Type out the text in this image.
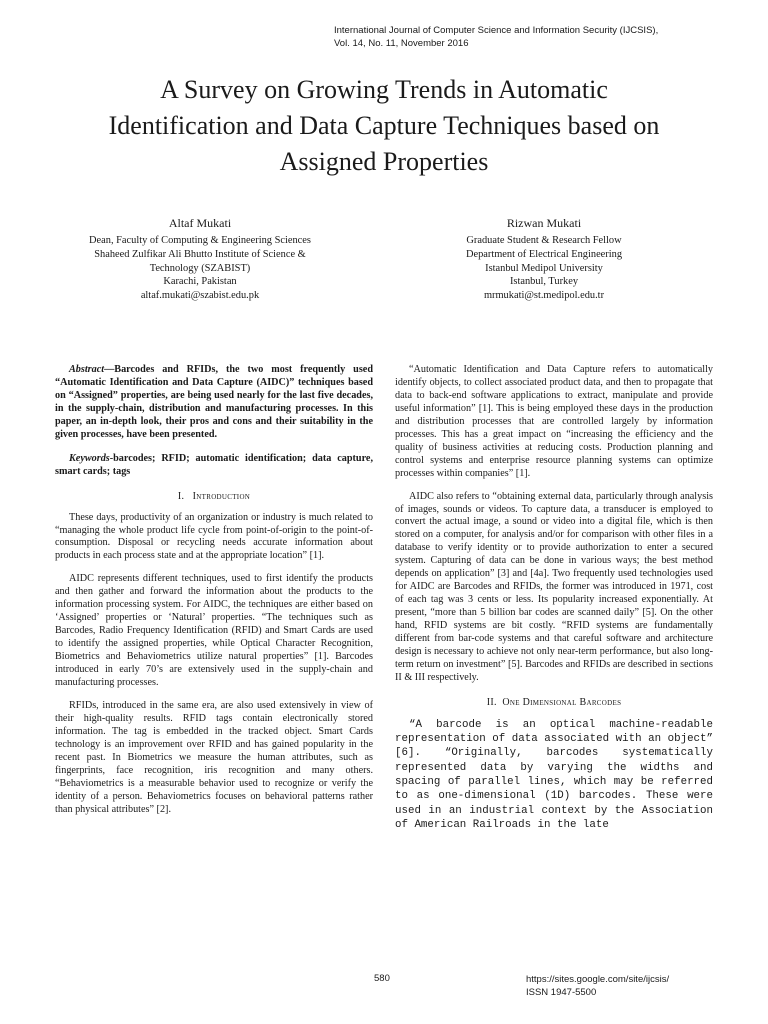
International Journal of Computer Science and Information Security (IJCSIS),
Vol. 14, No. 11, November 2016
A Survey on Growing Trends in Automatic
Identification and Data Capture Techniques based on
Assigned Properties
Altaf Mukati
Dean, Faculty of Computing & Engineering Sciences
Shaheed Zulfikar Ali Bhutto Institute of Science &
Technology (SZABIST)
Karachi, Pakistan
altaf.mukati@szabist.edu.pk
Rizwan Mukati
Graduate Student & Research Fellow
Department of Electrical Engineering
Istanbul Medipol University
Istanbul, Turkey
mrmukati@st.medipol.edu.tr

Abstract—Barcodes and RFIDs, the two most frequently used “Automatic Identification and Data Capture (AIDC)” techniques based on “Assigned” properties, are being used nearly for the last five decades, in the supply-chain, distribution and manufacturing processes. In this paper, an in-depth look, their pros and cons and their suitability in the given processes, have been presented.

Keywords-barcodes; RFID; automatic identification; data capture, smart cards; tags

I. Introduction

These days, productivity of an organization or industry is much related to “managing the whole product life cycle from point-of-origin to the point-of-consumption. Disposal or recycling needs accurate information about products in each process state and at the appropriate location” [1].

AIDC represents different techniques, used to first identify the products and then gather and forward the information about the products to the information processing system. For AIDC, the techniques are either based on ‘Assigned’ properties or ‘Natural’ properties. “The techniques such as Barcodes, Radio Frequency Identification (RFID) and Smart Cards are used to identify the assigned properties, while Optical Character Recognition, Biometrics and Behaviometrics utilize natural properties” [1]. Barcodes introduced in early 70’s are extensively used in the supply-chain and manufacturing processes.

RFIDs, introduced in the same era, are also used extensively in view of their high-quality results. RFID tags contain electronically stored information. The tag is embedded in the tracked object. Smart Cards technology is an improvement over RFID and has gained popularity in the recent past. In Biometrics we measure the human attributes, such as fingerprints, face recognition, iris recognition and many others. “Behaviometrics is a measurable behavior used to recognize or verify the identity of a person. Behaviometrics focuses on behavioral patterns rather than physical attributes” [2].

“Automatic Identification and Data Capture refers to automatically identify objects, to collect associated product data, and then to propagate that data to back-end software applications to extract, manipulate and provide useful information” [1]. This is being employed these days in the production and distribution processes that are controlled largely by information processes. This has a great impact on “increasing the efficiency and the quality of business activities at reducing costs. Production planning and control systems and enterprise resource planning systems can optimize processes within companies” [1].

AIDC also refers to “obtaining external data, particularly through analysis of images, sounds or videos. To capture data, a transducer is employed to convert the actual image, a sound or video into a digital file, which is then stored on a computer, for analysis and/or for comparison with other files in a database to verify identity or to provide authorization to enter a secured system. Capturing of data can be done in various ways; the best method depends on application” [3] and [4a]. Two frequently used technologies used for AIDC are Barcodes and RFIDs, the former was introduced in 1971, cost of each tag was 3 cents or less. Its popularity increased exponentially. At present, “more than 5 billion bar codes are scanned daily” [5]. On the other hand, RFID systems are bit costly. “RFID systems are fundamentally different from bar-code systems and that careful software and architecture design is necessary to achieve not only near-term performance, but also long-term return on investment” [5]. Barcodes and RFIDs are described in sections II & III respectively.

II. One Dimensional Barcodes

“A barcode is an optical machine-readable representation of data associated with an object” [6]. “Originally, barcodes systematically represented data by varying the widths and spacing of parallel lines, which may be referred to as one-dimensional (1D) barcodes. These were used in an industrial context by the Association of American Railroads in the late

580	https://sites.google.com/site/ijcsis/
ISSN 1947-5500
